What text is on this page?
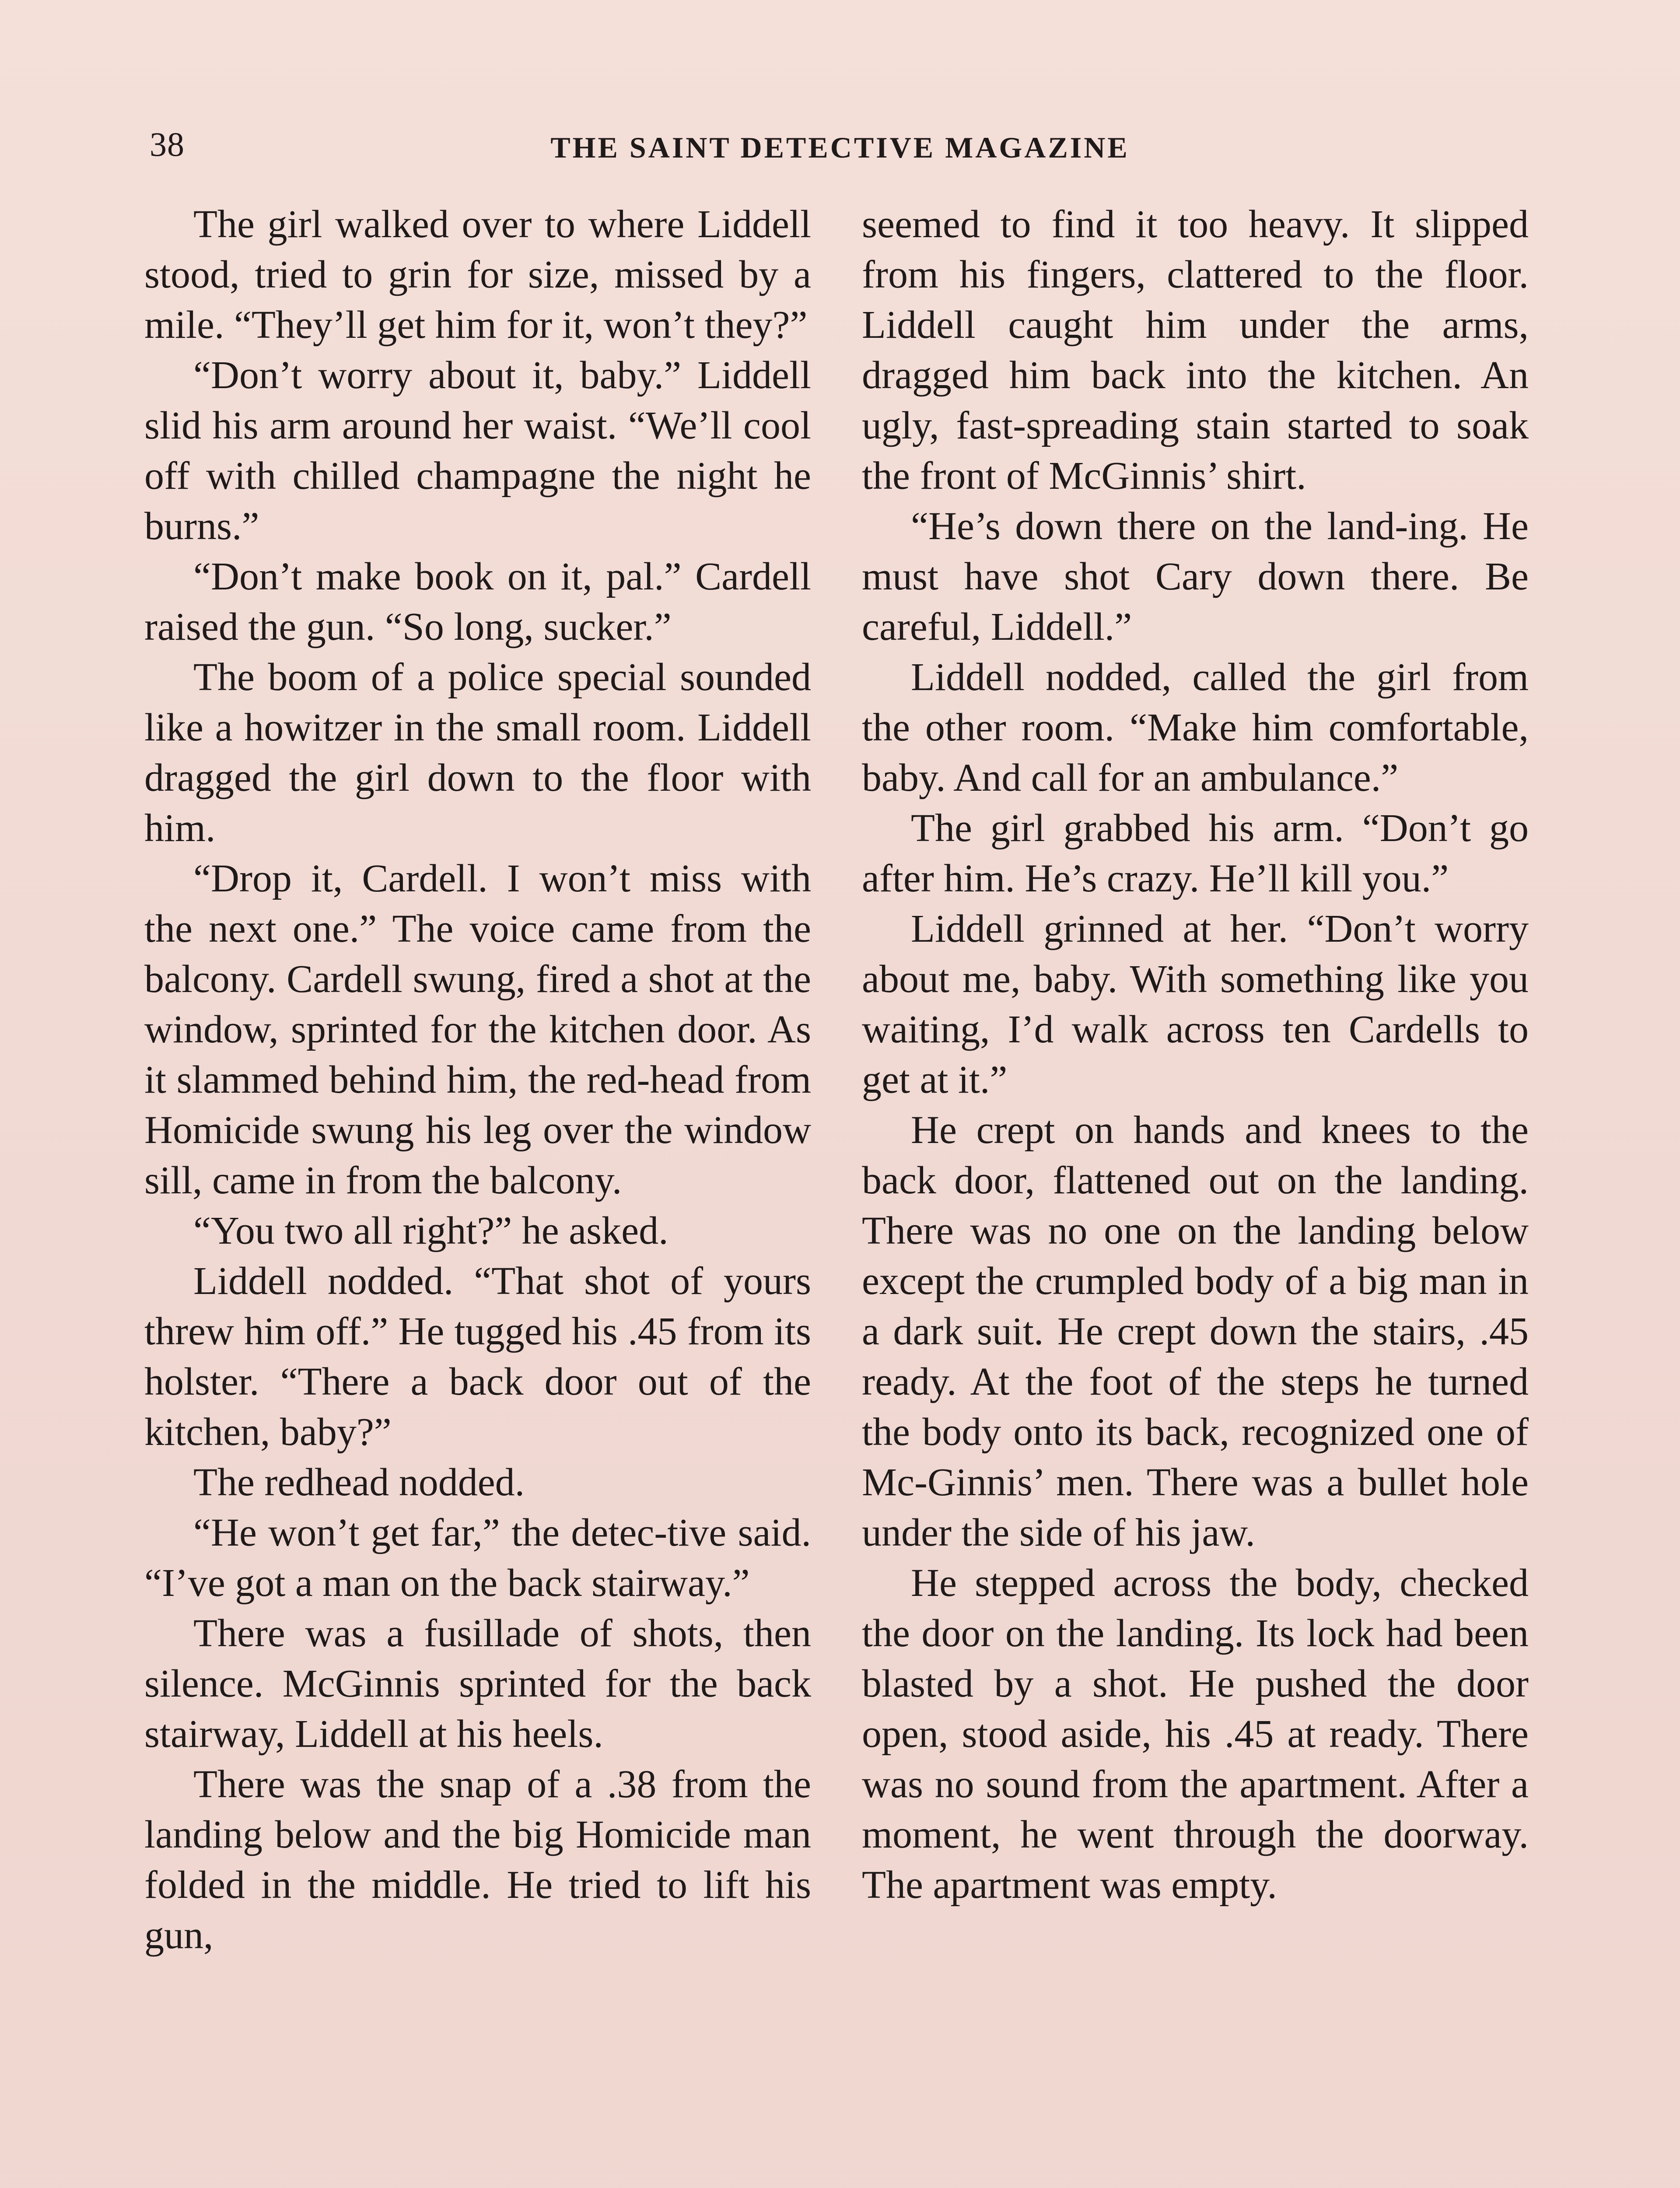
38	THE SAINT DETECTIVE MAGAZINE

The girl walked over to where Liddell stood, tried to grin for size, missed by a mile. “They’ll get him for it, won’t they?”

“Don’t worry about it, baby.” Liddell slid his arm around her waist. “We’ll cool off with chilled champagne the night he burns.”

“Don’t make book on it, pal.” Cardell raised the gun. “So long, sucker.”

The boom of a police special sounded like a howitzer in the small room. Liddell dragged the girl down to the floor with him.

“Drop it, Cardell. I won’t miss with the next one.” The voice came from the balcony. Cardell swung, fired a shot at the window, sprinted for the kitchen door. As it slammed behind him, the red-head from Homicide swung his leg over the window sill, came in from the balcony.

“You two all right?” he asked.

Liddell nodded. “That shot of yours threw him off.” He tugged his .45 from its holster. “There a back door out of the kitchen, baby?”

The redhead nodded.

“He won’t get far,” the detec-tive said. “I’ve got a man on the back stairway.”

There was a fusillade of shots, then silence. McGinnis sprinted for the back stairway, Liddell at his heels.

There was the snap of a .38 from the landing below and the big Homicide man folded in the middle. He tried to lift his gun,

seemed to find it too heavy. It slipped from his fingers, clattered to the floor. Liddell caught him under the arms, dragged him back into the kitchen. An ugly, fast-spreading stain started to soak the front of McGinnis’ shirt.

“He’s down there on the land-ing. He must have shot Cary down there. Be careful, Liddell.”

Liddell nodded, called the girl from the other room. “Make him comfortable, baby. And call for an ambulance.”

The girl grabbed his arm. “Don’t go after him. He’s crazy. He’ll kill you.”

Liddell grinned at her. “Don’t worry about me, baby. With something like you waiting, I’d walk across ten Cardells to get at it.”

He crept on hands and knees to the back door, flattened out on the landing. There was no one on the landing below except the crumpled body of a big man in a dark suit. He crept down the stairs, .45 ready. At the foot of the steps he turned the body onto its back, recognized one of Mc-Ginnis’ men. There was a bullet hole under the side of his jaw.

He stepped across the body, checked the door on the landing. Its lock had been blasted by a shot. He pushed the door open, stood aside, his .45 at ready. There was no sound from the apartment. After a moment, he went through the doorway. The apartment was empty.
